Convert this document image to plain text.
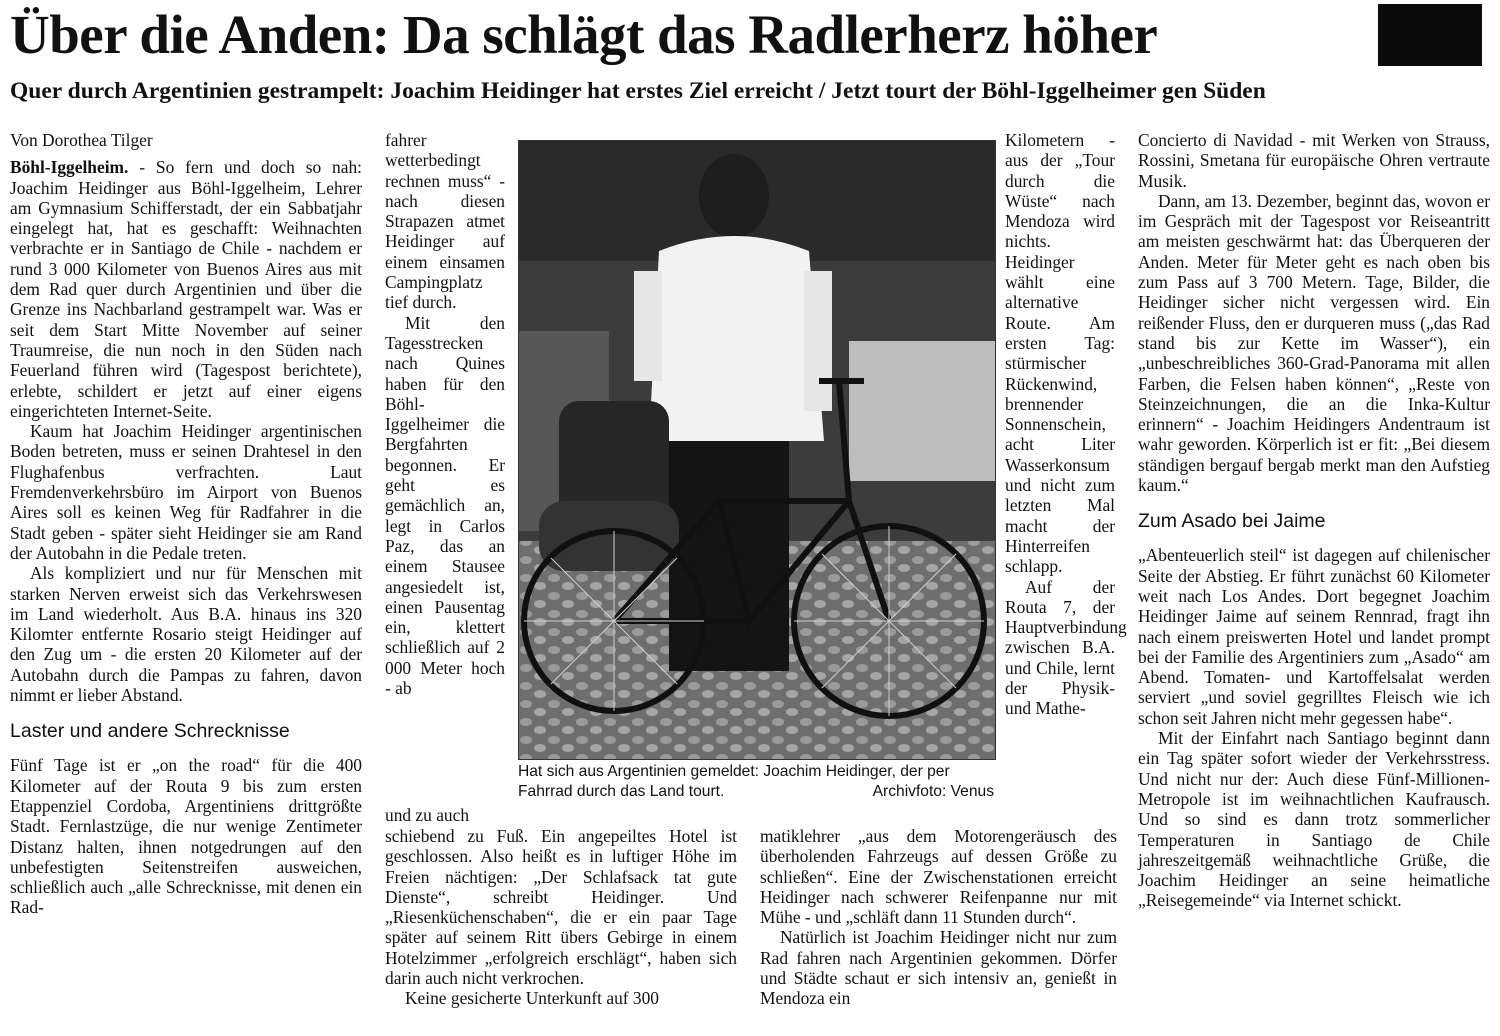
Über die Anden: Da schlägt das Radlerherz höher
Quer durch Argentinien gestrampelt: Joachim Heidinger hat erstes Ziel erreicht / Jetzt tourt der Böhl-Iggelheimer gen Süden

Von Dorothea Tilger

Böhl-Iggelheim. - So fern und doch so nah: Joachim Heidinger aus Böhl-Iggelheim, Lehrer am Gymnasium Schifferstadt, der ein Sabbatjahr eingelegt hat, hat es geschafft: Weihnachten verbrachte er in Santiago de Chile - nachdem er rund 3 000 Kilometer von Buenos Aires aus mit dem Rad quer durch Argentinien und über die Grenze ins Nachbarland gestrampelt war. Was er seit dem Start Mitte November auf seiner Traumreise, die nun noch in den Süden nach Feuerland führen wird (Tagespost berichtete), erlebte, schildert er jetzt auf einer eigens eingerichteten Internet-Seite.

Kaum hat Joachim Heidinger argentinischen Boden betreten, muss er seinen Drahtesel in den Flughafenbus verfrachten. Laut Fremdenverkehrsbüro im Airport von Buenos Aires soll es keinen Weg für Radfahrer in die Stadt geben - später sieht Heidinger sie am Rand der Autobahn in die Pedale treten.

Als kompliziert und nur für Menschen mit starken Nerven erweist sich das Verkehrswesen im Land wiederholt. Aus B.A. hinaus ins 320 Kilomter entfernte Rosario steigt Heidinger auf den Zug um - die ersten 20 Kilometer auf der Autobahn durch die Pampas zu fahren, davon nimmt er lieber Abstand.

Laster und andere Schrecknisse

Fünf Tage ist er „on the road“ für die 400 Kilometer auf der Routa 9 bis zum ersten Etappenziel Cordoba, Argentiniens drittgrößte Stadt. Fernlastzüge, die nur wenige Zentimeter Distanz halten, ihnen notgedrungen auf den unbefestigten Seitenstreifen ausweichen, schließlich auch „alle Schrecknisse, mit denen ein Rad-

fahrer wetterbedingt rechnen muss“ - nach diesen Strapazen atmet Heidinger auf einem einsamen Campingplatz tief durch.

Mit den Tagesstrecken nach Quines haben für den Böhl-Iggelheimer die Bergfahrten begonnen. Er geht es gemächlich an, legt in Carlos Paz, das an einem Stausee angesiedelt ist, einen Pausentag ein, klettert schließlich auf 2 000 Meter hoch - ab

und zu auch

schiebend zu Fuß. Ein angepeiltes Hotel ist geschlossen. Also heißt es in luftiger Höhe im Freien nächtigen: „Der Schlafsack tat gute Dienste“, schreibt Heidinger. Und „Riesenküchenschaben“, die er ein paar Tage später auf seinem Ritt übers Gebirge in einem Hotelzimmer „erfolgreich erschlägt“, haben sich darin auch nicht verkrochen.

Keine gesicherte Unterkunft auf 300

Hat sich aus Argentinien gemeldet: Joachim Heidinger, der per Fahrrad durch das Land tourt.	Archivfoto: Venus

Kilometern - aus der „Tour durch die Wüste“ nach Mendoza wird nichts. Heidinger wählt eine alternative Route. Am ersten Tag: stürmischer Rückenwind, brennender Sonnenschein, acht Liter Wasserkonsum und nicht zum letzten Mal macht der Hinterreifen schlapp.

Auf der Routa 7, der Hauptverbindung zwischen B.A. und Chile, lernt der Physik- und Mathe-

matiklehrer „aus dem Motorengeräusch des überholenden Fahrzeugs auf dessen Größe zu schließen“. Eine der Zwischenstationen erreicht Heidinger nach schwerer Reifenpanne nur mit Mühe - und „schläft dann 11 Stunden durch“.

Natürlich ist Joachim Heidinger nicht nur zum Rad fahren nach Argentinien gekommen. Dörfer und Städte schaut er sich intensiv an, genießt in Mendoza ein

Concierto di Navidad - mit Werken von Strauss, Rossini, Smetana für europäische Ohren vertraute Musik.

Dann, am 13. Dezember, beginnt das, wovon er im Gespräch mit der Tagespost vor Reiseantritt am meisten geschwärmt hat: das Überqueren der Anden. Meter für Meter geht es nach oben bis zum Pass auf 3 700 Metern. Tage, Bilder, die Heidinger sicher nicht vergessen wird. Ein reißender Fluss, den er durqueren muss („das Rad stand bis zur Kette im Wasser“), ein „unbeschreibliches 360-Grad-Panorama mit allen Farben, die Felsen haben können“, „Reste von Steinzeichnungen, die an die Inka-Kultur erinnern“ - Joachim Heidingers Andentraum ist wahr geworden. Körperlich ist er fit: „Bei diesem ständigen bergauf bergab merkt man den Aufstieg kaum.“

Zum Asado bei Jaime

„Abenteuerlich steil“ ist dagegen auf chilenischer Seite der Abstieg. Er führt zunächst 60 Kilometer weit nach Los Andes. Dort begegnet Joachim Heidinger Jaime auf seinem Rennrad, fragt ihn nach einem preiswerten Hotel und landet prompt bei der Familie des Argentiniers zum „Asado“ am Abend. Tomaten- und Kartoffelsalat werden serviert „und soviel gegrilltes Fleisch wie ich schon seit Jahren nicht mehr gegessen habe“.

Mit der Einfahrt nach Santiago beginnt dann ein Tag später sofort wieder der Verkehrsstress. Und nicht nur der: Auch diese Fünf-Millionen-Metropole ist im weihnachtlichen Kaufrausch. Und so sind es dann trotz sommerlicher Temperaturen in Santiago de Chile jahreszeitgemäß weihnachtliche Grüße, die Joachim Heidinger an seine heimatliche „Reisegemeinde“ via Internet schickt.
